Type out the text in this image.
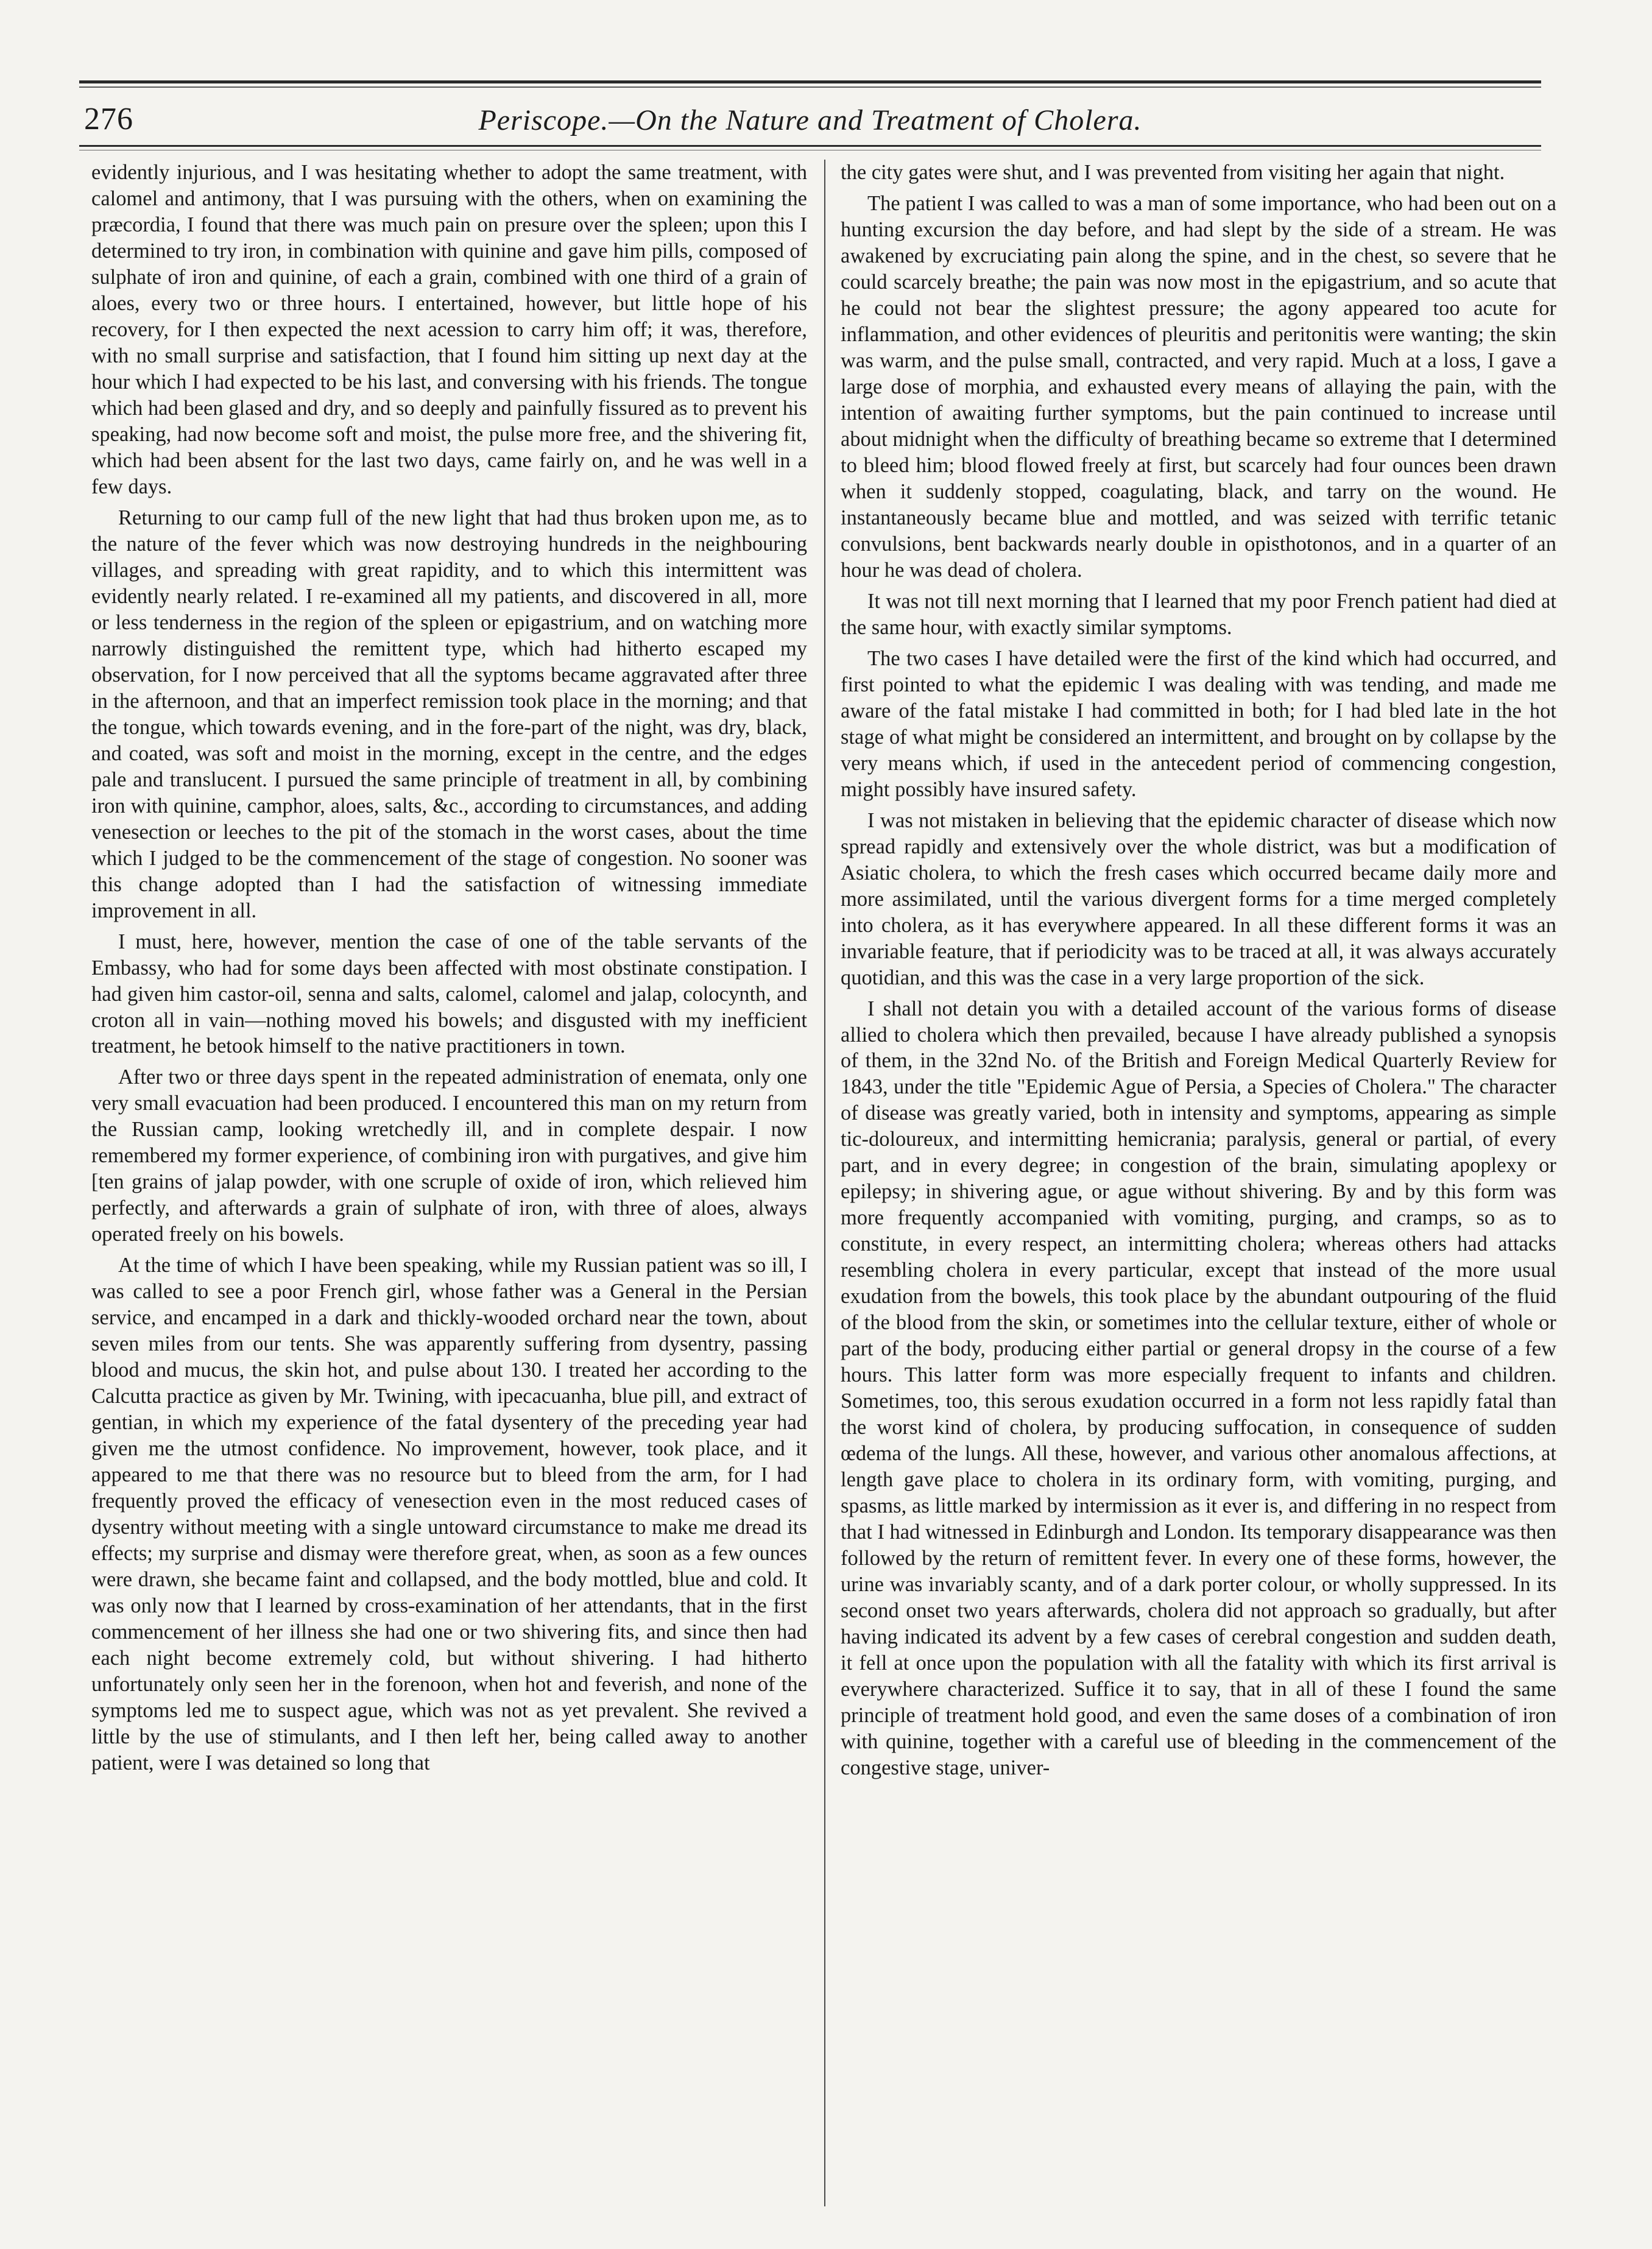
276	Periscope.—On the Nature and Treatment of Cholera.

evidently injurious, and I was hesitating whether to adopt the same treatment, with calomel and antimony, that I was pursuing with the others, when on examining the præcordia, I found that there was much pain on presure over the spleen; upon this I determined to try iron, in combination with quinine and gave him pills, composed of sulphate of iron and quinine, of each a grain, combined with one third of a grain of aloes, every two or three hours. I entertained, however, but little hope of his recovery, for I then expected the next acession to carry him off; it was, therefore, with no small surprise and satisfaction, that I found him sitting up next day at the hour which I had expected to be his last, and conversing with his friends. The tongue which had been glased and dry, and so deeply and painfully fissured as to prevent his speaking, had now become soft and moist, the pulse more free, and the shivering fit, which had been absent for the last two days, came fairly on, and he was well in a few days.

Returning to our camp full of the new light that had thus broken upon me, as to the nature of the fever which was now destroying hundreds in the neighbouring villages, and spreading with great rapidity, and to which this intermittent was evidently nearly related. I re-examined all my patients, and discovered in all, more or less tenderness in the region of the spleen or epigastrium, and on watching more narrowly distinguished the remittent type, which had hitherto escaped my observation, for I now perceived that all the syptoms became aggravated after three in the afternoon, and that an imperfect remission took place in the morning; and that the tongue, which towards evening, and in the fore-part of the night, was dry, black, and coated, was soft and moist in the morning, except in the centre, and the edges pale and translucent. I pursued the same principle of treatment in all, by combining iron with quinine, camphor, aloes, salts, &c., according to circumstances, and adding venesection or leeches to the pit of the stomach in the worst cases, about the time which I judged to be the commencement of the stage of congestion. No sooner was this change adopted than I had the satisfaction of witnessing immediate improvement in all.

I must, here, however, mention the case of one of the table servants of the Embassy, who had for some days been affected with most obstinate constipation. I had given him castor-oil, senna and salts, calomel, calomel and jalap, colocynth, and croton all in vain—nothing moved his bowels; and disgusted with my inefficient treatment, he betook himself to the native practitioners in town.

After two or three days spent in the repeated administration of enemata, only one very small evacuation had been produced. I encountered this man on my return from the Russian camp, looking wretchedly ill, and in complete despair. I now remembered my former experience, of combining iron with purgatives, and give him [ten grains of jalap powder, with one scruple of oxide of iron, which relieved him perfectly, and afterwards a grain of sulphate of iron, with three of aloes, always operated freely on his bowels.

At the time of which I have been speaking, while my Russian patient was so ill, I was called to see a poor French girl, whose father was a General in the Persian service, and encamped in a dark and thickly-wooded orchard near the town, about seven miles from our tents. She was apparently suffering from dysentry, passing blood and mucus, the skin hot, and pulse about 130. I treated her according to the Calcutta practice as given by Mr. Twining, with ipecacuanha, blue pill, and extract of gentian, in which my experience of the fatal dysentery of the preceding year had given me the utmost confidence. No improvement, however, took place, and it appeared to me that there was no resource but to bleed from the arm, for I had frequently proved the efficacy of venesection even in the most reduced cases of dysentry without meeting with a single untoward circumstance to make me dread its effects; my surprise and dismay were therefore great, when, as soon as a few ounces were drawn, she became faint and collapsed, and the body mottled, blue and cold. It was only now that I learned by cross-examination of her attendants, that in the first commencement of her illness she had one or two shivering fits, and since then had each night become extremely cold, but without shivering. I had hitherto unfortunately only seen her in the forenoon, when hot and feverish, and none of the symptoms led me to suspect ague, which was not as yet prevalent. She revived a little by the use of stimulants, and I then left her, being called away to another patient, were I was detained so long that

the city gates were shut, and I was prevented from visiting her again that night.

The patient I was called to was a man of some importance, who had been out on a hunting excursion the day before, and had slept by the side of a stream. He was awakened by excruciating pain along the spine, and in the chest, so severe that he could scarcely breathe; the pain was now most in the epigastrium, and so acute that he could not bear the slightest pressure; the agony appeared too acute for inflammation, and other evidences of pleuritis and peritonitis were wanting; the skin was warm, and the pulse small, contracted, and very rapid. Much at a loss, I gave a large dose of morphia, and exhausted every means of allaying the pain, with the intention of awaiting further symptoms, but the pain continued to increase until about midnight when the difficulty of breathing became so extreme that I determined to bleed him; blood flowed freely at first, but scarcely had four ounces been drawn when it suddenly stopped, coagulating, black, and tarry on the wound. He instantaneously became blue and mottled, and was seized with terrific tetanic convulsions, bent backwards nearly double in opisthotonos, and in a quarter of an hour he was dead of cholera.

It was not till next morning that I learned that my poor French patient had died at the same hour, with exactly similar symptoms.

The two cases I have detailed were the first of the kind which had occurred, and first pointed to what the epidemic I was dealing with was tending, and made me aware of the fatal mistake I had committed in both; for I had bled late in the hot stage of what might be considered an intermittent, and brought on by collapse by the very means which, if used in the antecedent period of commencing congestion, might possibly have insured safety.

I was not mistaken in believing that the epidemic character of disease which now spread rapidly and extensively over the whole district, was but a modification of Asiatic cholera, to which the fresh cases which occurred became daily more and more assimilated, until the various divergent forms for a time merged completely into cholera, as it has everywhere appeared. In all these different forms it was an invariable feature, that if periodicity was to be traced at all, it was always accurately quotidian, and this was the case in a very large proportion of the sick.

I shall not detain you with a detailed account of the various forms of disease allied to cholera which then prevailed, because I have already published a synopsis of them, in the 32nd No. of the British and Foreign Medical Quarterly Review for 1843, under the title "Epidemic Ague of Persia, a Species of Cholera." The character of disease was greatly varied, both in intensity and symptoms, appearing as simple tic-doloureux, and intermitting hemicrania; paralysis, general or partial, of every part, and in every degree; in congestion of the brain, simulating apoplexy or epilepsy; in shivering ague, or ague without shivering. By and by this form was more frequently accompanied with vomiting, purging, and cramps, so as to constitute, in every respect, an intermitting cholera; whereas others had attacks resembling cholera in every particular, except that instead of the more usual exudation from the bowels, this took place by the abundant outpouring of the fluid of the blood from the skin, or sometimes into the cellular texture, either of whole or part of the body, producing either partial or general dropsy in the course of a few hours. This latter form was more especially frequent to infants and children. Sometimes, too, this serous exudation occurred in a form not less rapidly fatal than the worst kind of cholera, by producing suffocation, in consequence of sudden œdema of the lungs. All these, however, and various other anomalous affections, at length gave place to cholera in its ordinary form, with vomiting, purging, and spasms, as little marked by intermission as it ever is, and differing in no respect from that I had witnessed in Edinburgh and London. Its temporary disappearance was then followed by the return of remittent fever. In every one of these forms, however, the urine was invariably scanty, and of a dark porter colour, or wholly suppressed. In its second onset two years afterwards, cholera did not approach so gradually, but after having indicated its advent by a few cases of cerebral congestion and sudden death, it fell at once upon the population with all the fatality with which its first arrival is everywhere characterized. Suffice it to say, that in all of these I found the same principle of treatment hold good, and even the same doses of a combination of iron with quinine, together with a careful use of bleeding in the commencement of the congestive stage, univer-
